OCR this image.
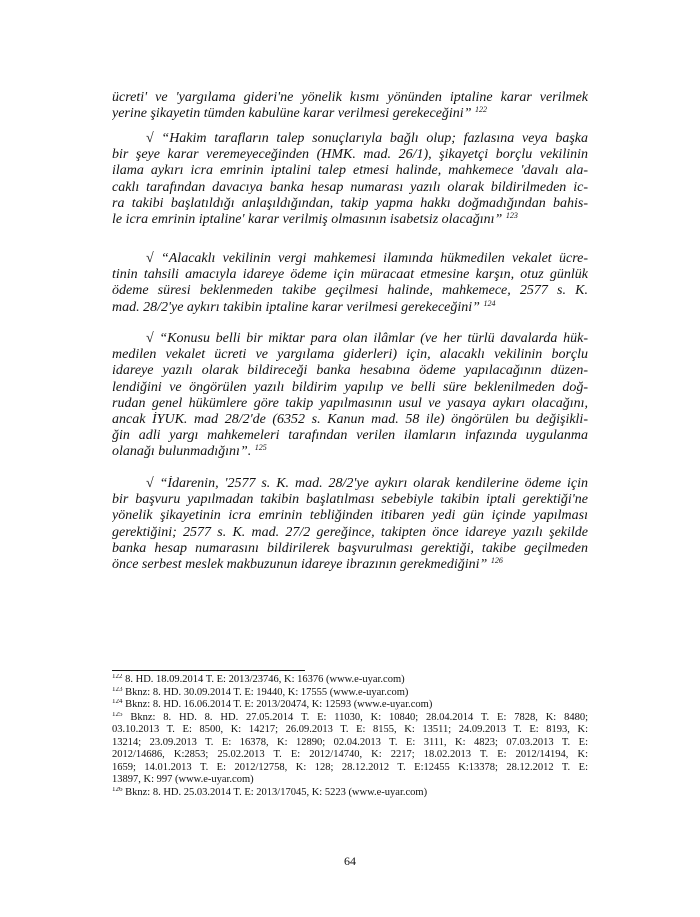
ücreti' ve 'yargılama gideri'ne yönelik kısmı yönünden iptaline karar verilmek
yerine şikayetin tümden kabulüne karar verilmesi gerekeceğini” $^{122}$
√ “Hakim tarafların talep sonuçlarıyla bağlı olup; fazlasına veya başka
bir şeye karar veremeyeceğinden (HMK. mad. 26/1), şikayetçi borçlu vekilinin
ilama aykırı icra emrinin iptalini talep etmesi halinde, mahkemece 'davalı ala-
caklı tarafından davacıya banka hesap numarası yazılı olarak bildirilmeden ic-
ra takibi başlatıldığı anlaşıldığından, takip yapma hakkı doğmadığından bahis-
le icra emrinin iptaline' karar verilmiş olmasının isabetsiz olacağını” $^{123}$
√ “Alacaklı vekilinin vergi mahkemesi ilamında hükmedilen vekalet ücre-
tinin tahsili amacıyla idareye ödeme için müracaat etmesine karşın, otuz günlük
ödeme süresi beklenmeden takibe geçilmesi halinde, mahkemece, 2577 s. K.
mad. 28/2'ye aykırı takibin iptaline karar verilmesi gerekeceğini” $^{124}$
√ “Konusu belli bir miktar para olan ilâmlar (ve her türlü davalarda hük-
medilen vekalet ücreti ve yargılama giderleri) için, alacaklı vekilinin borçlu
idareye yazılı olarak bildireceği banka hesabına ödeme yapılacağının düzen-
lendiğini ve öngörülen yazılı bildirim yapılıp ve belli süre beklenilmeden doğ-
rudan genel hükümlere göre takip yapılmasının usul ve yasaya aykırı olacağını,
ancak İYUK. mad 28/2'de (6352 s. Kanun mad. 58 ile) öngörülen bu değişikli-
ğin adli yargı mahkemeleri tarafından verilen ilamların infazında uygulanma
olanağı bulunmadığını”. $^{125}$
√ “İdarenin, '2577 s. K. mad. 28/2'ye aykırı olarak kendilerine ödeme için
bir başvuru yapılmadan takibin başlatılması sebebiyle takibin iptali gerektiği'ne
yönelik şikayetinin icra emrinin tebliğinden itibaren yedi gün içinde yapılması
gerektiğini; 2577 s. K. mad. 27/2 gereğince, takipten önce idareye yazılı şekilde
banka hesap numarasını bildirilerek başvurulması gerektiği, takibe geçilmeden
önce serbest meslek makbuzunun idareye ibrazının gerekmediğini” $^{126}$
$^{122}$ 8. HD. 18.09.2014 T. E: 2013/23746, K: 16376 (www.e-uyar.com)
$^{123}$ Bknz: 8. HD. 30.09.2014 T. E: 19440, K: 17555 (www.e-uyar.com)
$^{124}$ Bknz: 8. HD. 16.06.2014 T. E: 2013/20474, K: 12593 (www.e-uyar.com)
$^{125}$ Bknz: 8. HD. 8. HD. 27.05.2014 T. E: 11030, K: 10840; 28.04.2014 T. E: 7828, K: 8480;
03.10.2013 T. E: 8500, K: 14217; 26.09.2013 T. E: 8155, K: 13511; 24.09.2013 T. E: 8193, K:
13214; 23.09.2013 T. E: 16378, K: 12890; 02.04.2013 T. E: 3111, K: 4823; 07.03.2013 T. E:
2012/14686, K:2853; 25.02.2013 T. E: 2012/14740, K: 2217; 18.02.2013 T. E: 2012/14194, K:
1659; 14.01.2013 T. E: 2012/12758, K: 128; 28.12.2012 T. E:12455 K:13378; 28.12.2012 T. E:
13897, K: 997 (www.e-uyar.com)
$^{126}$ Bknz: 8. HD. 25.03.2014 T. E: 2013/17045, K: 5223 (www.e-uyar.com)
64
